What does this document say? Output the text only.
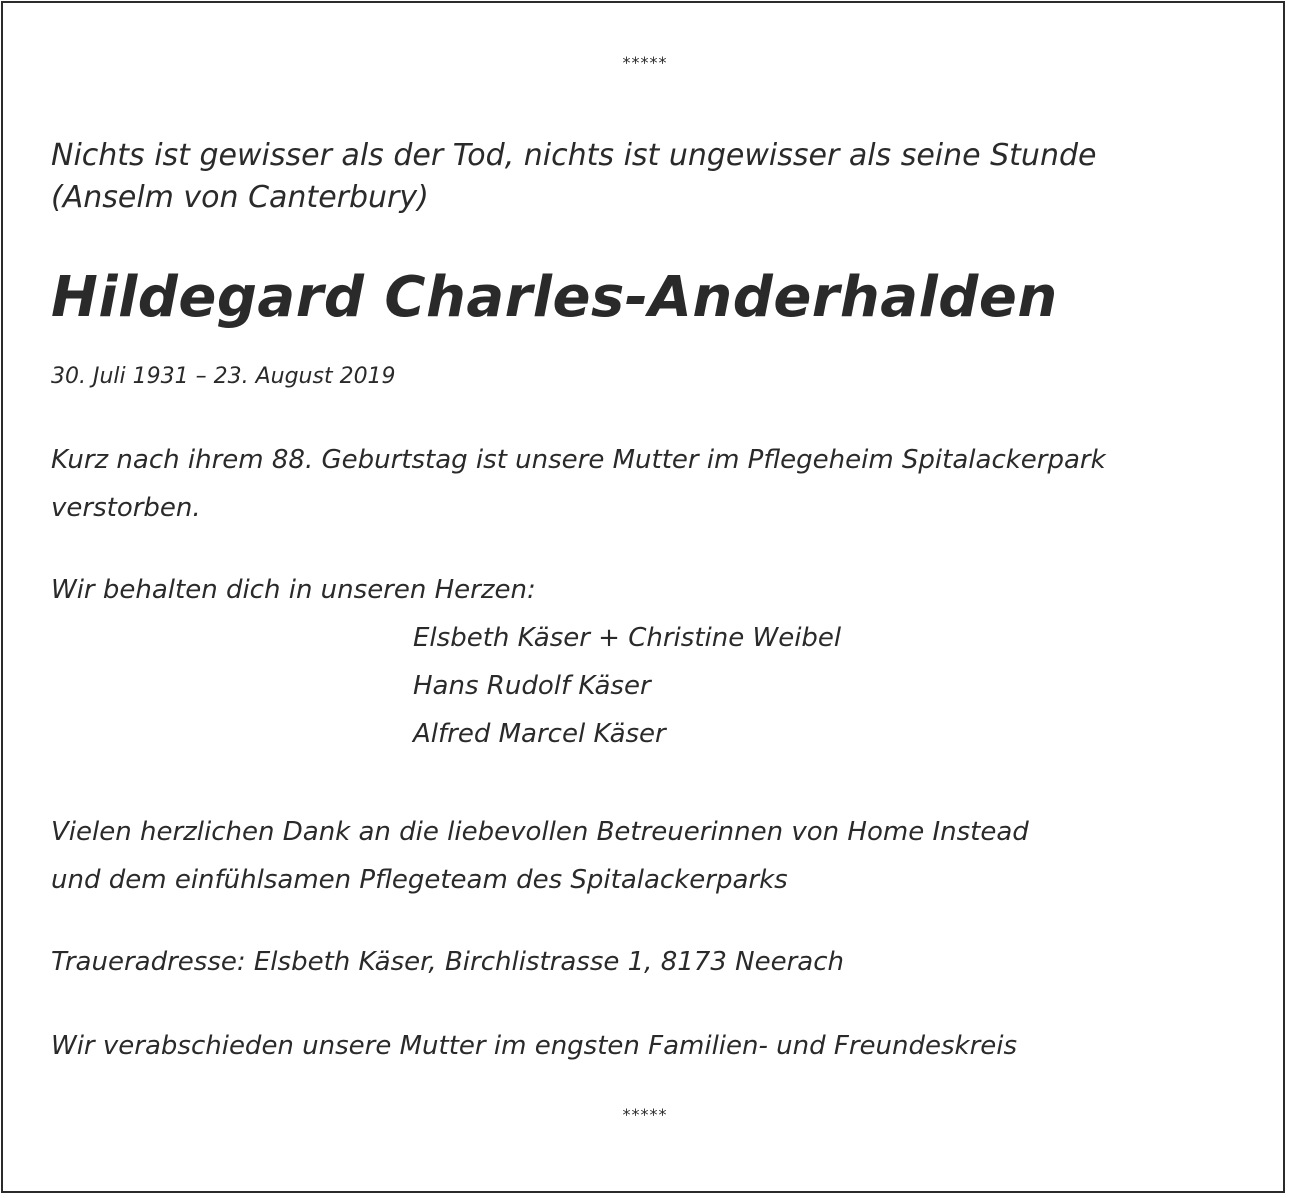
*****
Nichts ist gewisser als der Tod, nichts ist ungewisser als seine Stunde
(Anselm von Canterbury)
Hildegard Charles-Anderhalden
30. Juli 1931 – 23. August 2019
Kurz nach ihrem 88. Geburtstag ist unsere Mutter im Pflegeheim Spitalackerpark
verstorben.
Wir behalten dich in unseren Herzen:
Elsbeth Käser + Christine Weibel
Hans Rudolf Käser
Alfred Marcel Käser
Vielen herzlichen Dank an die liebevollen Betreuerinnen von Home Instead
und dem einfühlsamen Pflegeteam des Spitalackerparks
Traueradresse: Elsbeth Käser, Birchlistrasse 1, 8173 Neerach
Wir verabschieden unsere Mutter im engsten Familien- und Freundeskreis
*****
